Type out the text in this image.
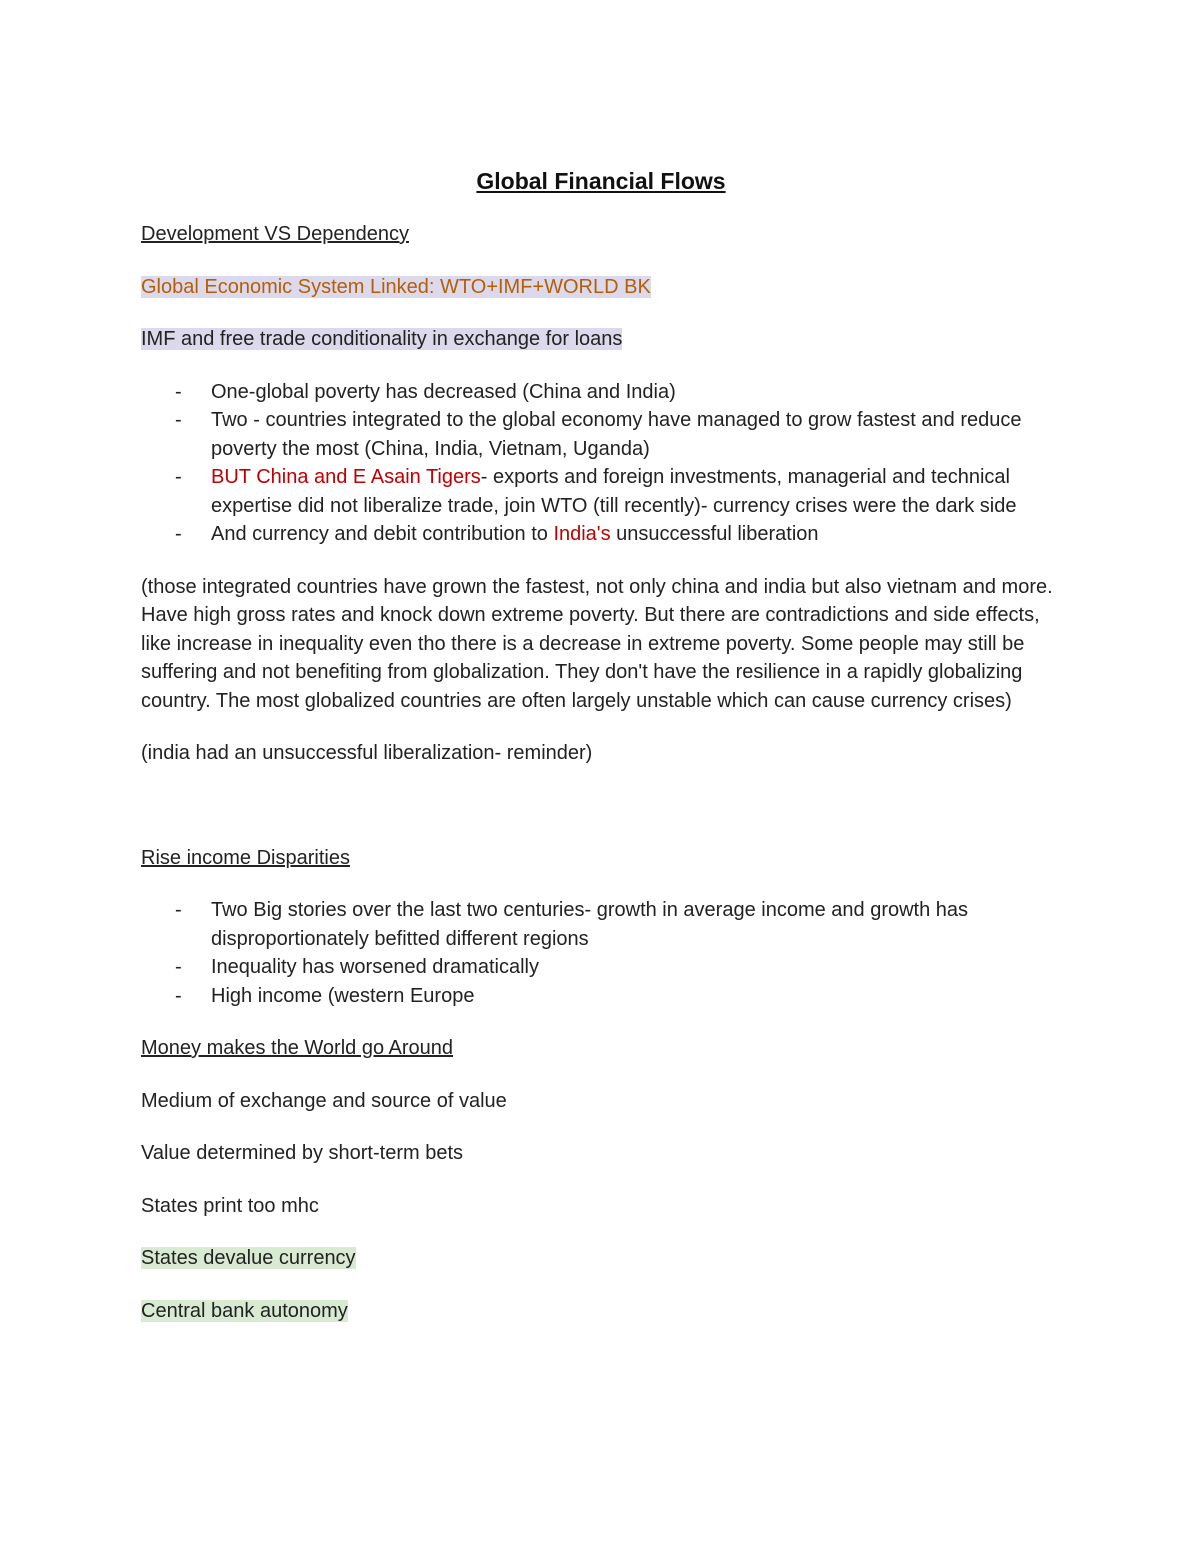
Global Financial Flows

Development VS Dependency

Global Economic System Linked: WTO+IMF+WORLD BK

IMF and free trade conditionality in exchange for loans

- One-global poverty has decreased (China and India)
- Two - countries integrated to the global economy have managed to grow fastest and reduce poverty the most (China, India, Vietnam, Uganda)
- BUT China and E Asain Tigers- exports and foreign investments, managerial and technical expertise did not liberalize trade, join WTO (till recently)- currency crises were the dark side
- And currency and debit contribution to India's unsuccessful liberation

(those integrated countries have grown the fastest, not only china and india but also vietnam and more. Have high gross rates and knock down extreme poverty. But there are contradictions and side effects, like increase in inequality even tho there is a decrease in extreme poverty. Some people may still be suffering and not benefiting from globalization. They don't have the resilience in a rapidly globalizing country. The most globalized countries are often largely unstable which can cause currency crises)

(india had an unsuccessful liberalization- reminder)

Rise income Disparities

- Two Big stories over the last two centuries- growth in average income and growth has disproportionately befitted different regions
- Inequality has worsened dramatically
- High income (western Europe

Money makes the World go Around

Medium of exchange and source of value

Value determined by short-term bets

States print too mhc

States devalue currency

Central bank autonomy
